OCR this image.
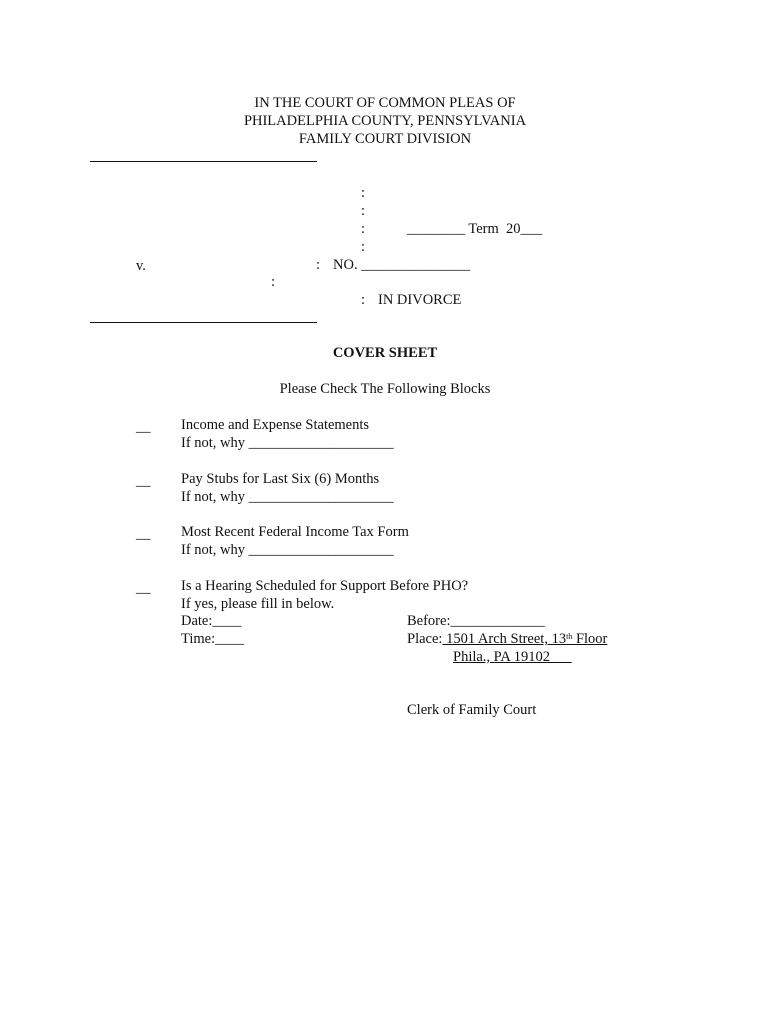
IN THE COURT OF COMMON PLEAS OF
PHILADELPHIA COUNTY, PENNSYLVANIA
FAMILY COURT DIVISION
:
:
:	________ Term  20___
:
v.	: NO. _______________
:
: IN DIVORCE
COVER SHEET
Please Check The Following Blocks
__ Income and Expense Statements
If not, why ____________________
__ Pay Stubs for Last Six (6) Months
If not, why ____________________
__ Most Recent Federal Income Tax Form
If not, why ____________________
__ Is a Hearing Scheduled for Support Before PHO?
If yes, please fill in below.
Date:____
Time:____
Before:_____________
Place: 1501 Arch Street, 13th Floor
Phila., PA 19102
Clerk of Family Court
